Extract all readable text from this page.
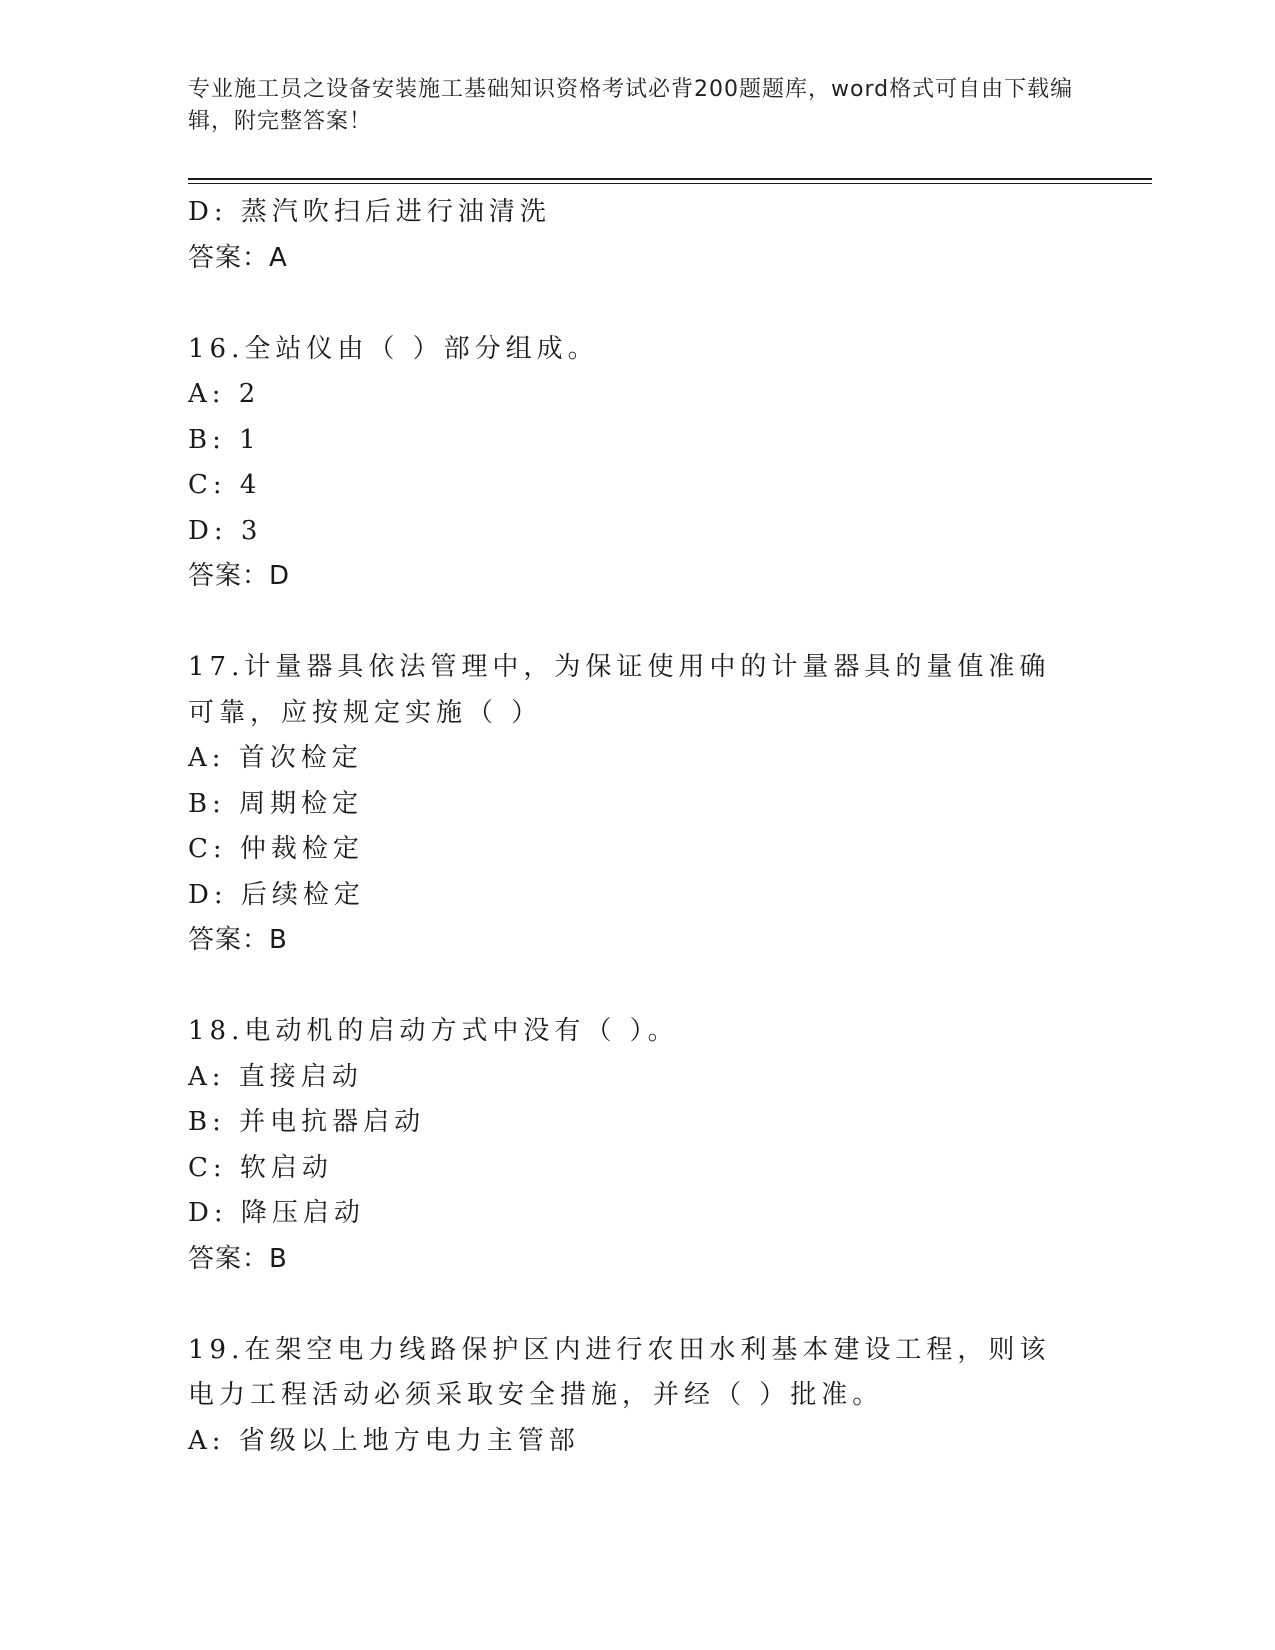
专业施工员之设备安装施工基础知识资格考试必背200题题库，word格式可自由下载编辑，附完整答案！
D: 蒸汽吹扫后进行油清洗
答案：A
16.全站仪由（ ）部分组成。
A: 2
B: 1
C: 4
D: 3
答案：D
17.计量器具依法管理中，为保证使用中的计量器具的量值准确可靠，应按规定实施（ ）
A: 首次检定
B: 周期检定
C: 仲裁检定
D: 后续检定
答案：B
18.电动机的启动方式中没有（ ）。
A: 直接启动
B: 并电抗器启动
C: 软启动
D: 降压启动
答案：B
19.在架空电力线路保护区内进行农田水利基本建设工程，则该电力工程活动必须采取安全措施，并经（ ）批准。
A: 省级以上地方电力主管部
